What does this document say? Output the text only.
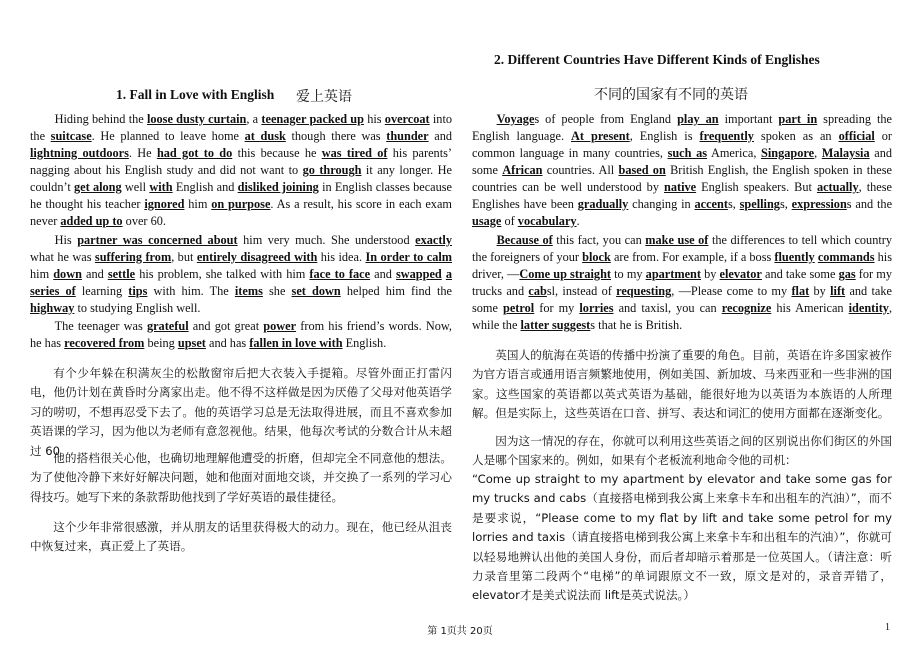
1. Fall in Love with English 爱上英语

Hiding behind the loose dusty curtain, a teenager packed up his overcoat into the suitcase. He planned to leave home at dusk though there was thunder and lightning outdoors. He had got to do this because he was tired of his parents’ nagging about his English study and did not want to go through it any longer. He couldn’t get along well with English and disliked joining in English classes because he thought his teacher ignored him on purpose. As a result, his score in each exam never added up to over 60.

His partner was concerned about him very much. She understood exactly what he was suffering from, but entirely disagreed with his idea. In order to calm him down and settle his problem, she talked with him face to face and swapped a series of learning tips with him. The items she set down helped him find the highway to studying English well.

The teenager was grateful and got great power from his friend’s words. Now, he has recovered from being upset and has fallen in love with English.

有个少年躲在积满灰尘的松散窗帘后把大衣装入手提箱。尽管外面正打雷闪电，他仍计划在黄昏时分离家出走。他不得不这样做是因为厌倦了父母对他英语学习的唠叨，不想再忍受下去了。他的英语学习总是无法取得进展，而且不喜欢参加英语课的学习，因为他以为老师有意忽视他。结果，他每次考试的分数合计从未超过 60。

他的搭档很关心他，也确切地理解他遭受的折磨，但却完全不同意他的想法。为了使他冷静下来好好解决问题，她和他面对面地交谈，并交换了一系列的学习心得技巧。她写下来的条款帮助他找到了学好英语的最佳捷径。

这个少年非常很感激，并从朋友的话里获得极大的动力。现在，他已经从沮丧中恢复过来，真正爱上了英语。

2. Different Countries Have Different Kinds of Englishes
不同的国家有不同的英语

Voyages of people from England play an important part in spreading the English language. At present, English is frequently spoken as an official or common language in many countries, such as America, Singapore, Malaysia and some African countries. All based on British English, the English spoken in these countries can be well understood by native English speakers. But actually, these Englishes have been gradually changing in accents, spellings, expressions and the usage of vocabulary.

Because of this fact, you can make use of the differences to tell which country the foreigners of your block are from. For example, if a boss fluently commands his driver, —Come up straight to my apartment by elevator and take some gas for my trucks and cabsl, instead of requesting, —Please come to my flat by lift and take some petrol for my lorries and taxisl, you can recognize his American identity, while the latter suggests that he is British.

英国人的航海在英语的传播中扮演了重要的角色。目前，英语在许多国家被作为官方语言或通用语言频繁地使用，例如美国、新加坡、马来西亚和一些非洲的国家。这些国家的英语都以英式英语为基础，能很好地为以英语为本族语的人所理解。但是实际上，这些英语在口音、拼写、表达和词汇的使用方面都在逐渐变化。

因为这一情况的存在，你就可以利用这些英语之间的区别说出你们街区的外国人是哪个国家来的。例如，如果有个老板流利地命令他的司机：

“Come up straight to my apartment by elevator and take some gas for my trucks and cabs（直接搭电梯到我公寓上来拿卡车和出租车的汽油）”，而不是要求说，“Please come to my flat by lift and take some petrol for my lorries and taxis（请直接搭电梯到我公寓上来拿卡车和出租车的汽油）”，你就可以轻易地辨认出他的美国人身份，而后者却暗示着那是一位英国人。（请注意：听力录音里第二段两个“电梯”的单词跟原文不一致，原文是对的，录音弄错了，elevator才是美式说法而 lift是英式说法。）

第 1页共 20页	1
